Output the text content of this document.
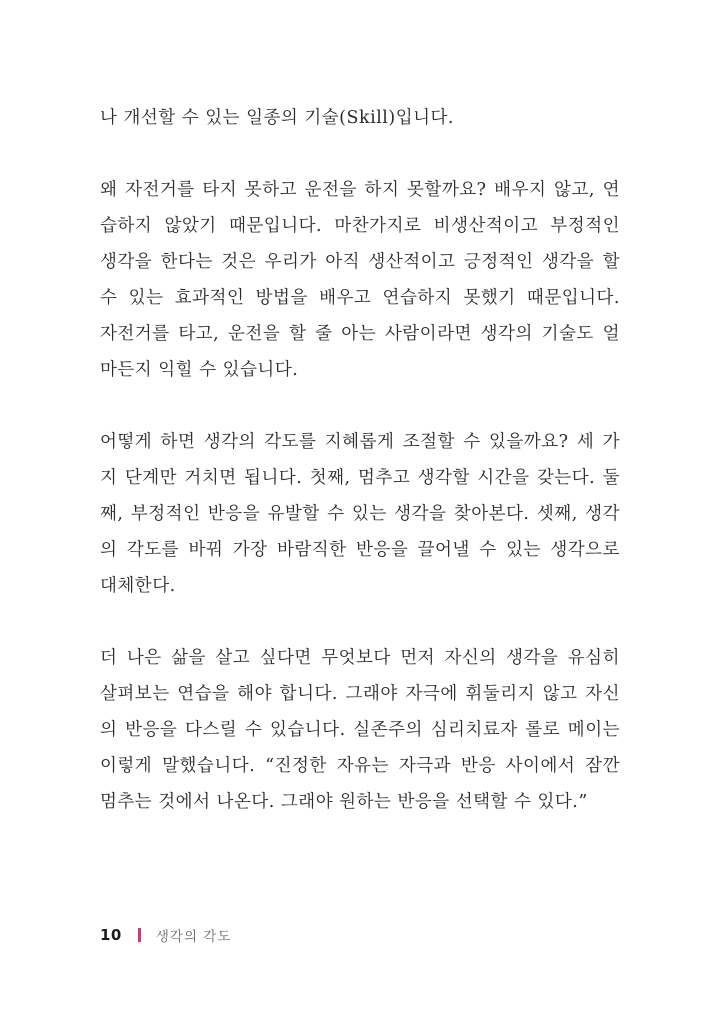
나 개선할 수 있는 일종의 기술(Skill)입니다.
왜 자전거를 타지 못하고 운전을 하지 못할까요? 배우지 않고, 연
습하지 않았기 때문입니다. 마찬가지로 비생산적이고 부정적인
생각을 한다는 것은 우리가 아직 생산적이고 긍정적인 생각을 할
수 있는 효과적인 방법을 배우고 연습하지 못했기 때문입니다.
자전거를 타고, 운전을 할 줄 아는 사람이라면 생각의 기술도 얼
마든지 익힐 수 있습니다.
어떻게 하면 생각의 각도를 지혜롭게 조절할 수 있을까요? 세 가
지 단계만 거치면 됩니다. 첫째, 멈추고 생각할 시간을 갖는다. 둘
째, 부정적인 반응을 유발할 수 있는 생각을 찾아본다. 셋째, 생각
의 각도를 바꿔 가장 바람직한 반응을 끌어낼 수 있는 생각으로
대체한다.
더 나은 삶을 살고 싶다면 무엇보다 먼저 자신의 생각을 유심히
살펴보는 연습을 해야 합니다. 그래야 자극에 휘둘리지 않고 자신
의 반응을 다스릴 수 있습니다. 실존주의 심리치료자 롤로 메이는
이렇게 말했습니다. “진정한 자유는 자극과 반응 사이에서 잠깐
멈추는 것에서 나온다. 그래야 원하는 반응을 선택할 수 있다.”
10	생각의 각도
